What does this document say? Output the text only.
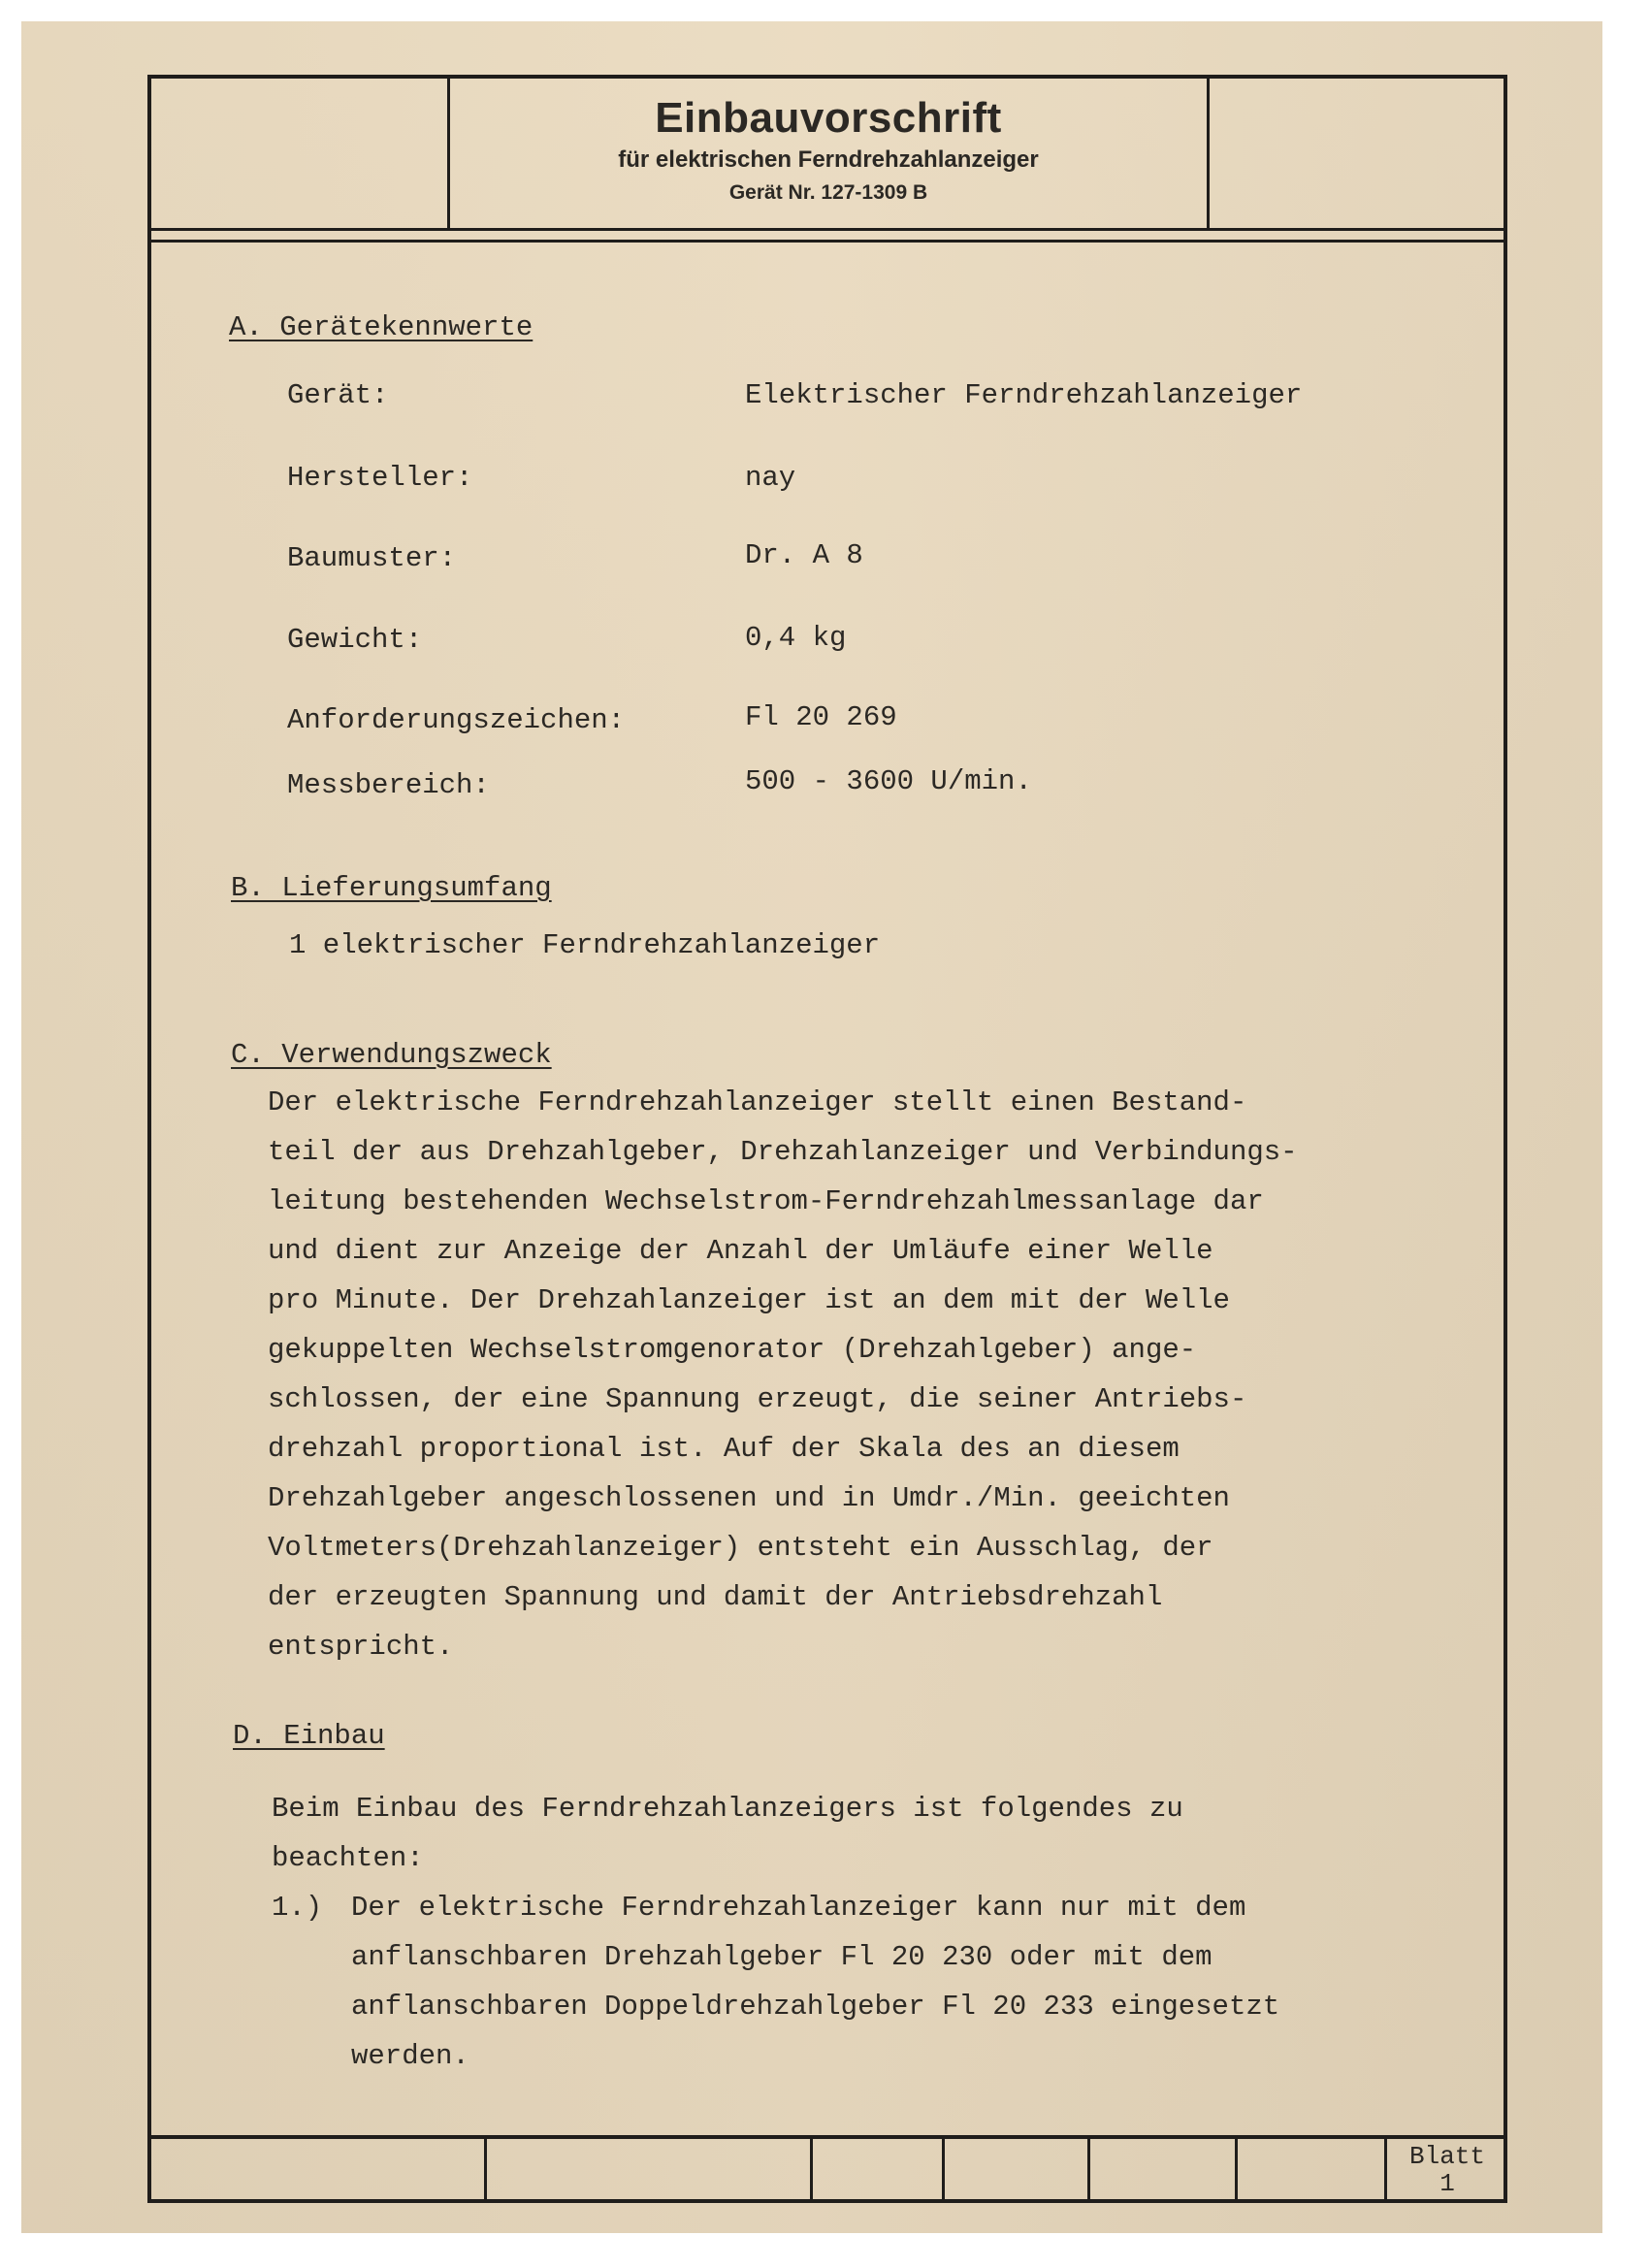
Einbauvorschrift
für elektrischen Ferndrehzahlanzeiger
Gerät Nr. 127-1309 B
A. Gerätekennwerte
Gerät:	Elektrischer Ferndrehzahlanzeiger
Hersteller:	nay
Baumuster:	Dr. A 8
Gewicht:	0,4 kg
Anforderungszeichen:	Fl 20 269
Messbereich:	500 - 3600 U/min.
B. Lieferungsumfang
1 elektrischer Ferndrehzahlanzeiger
C. Verwendungszweck
Der elektrische Ferndrehzahlanzeiger stellt einen Bestand-
teil der aus Drehzahlgeber, Drehzahlanzeiger und Verbindungs-
leitung bestehenden Wechselstrom-Ferndrehzahlmessanlage dar
und dient zur Anzeige der Anzahl der Umläufe einer Welle
pro Minute. Der Drehzahlanzeiger ist an dem mit der Welle
gekuppelten Wechselstromgenorator (Drehzahlgeber) ange-
schlossen, der eine Spannung erzeugt, die seiner Antriebs-
drehzahl proportional ist. Auf der Skala des an diesem
Drehzahlgeber angeschlossenen und in Umdr./Min. geeichten
Voltmeters(Drehzahlanzeiger) entsteht ein Ausschlag, der
der erzeugten Spannung und damit der Antriebsdrehzahl
entspricht.
D. Einbau
Beim Einbau des Ferndrehzahlanzeigers ist folgendes zu
beachten:
1.) Der elektrische Ferndrehzahlanzeiger kann nur mit dem
anflanschbaren Drehzahlgeber Fl 20 230 oder mit dem
anflanschbaren Doppeldrehzahlgeber Fl 20 233 eingesetzt
werden.
Blatt
1
